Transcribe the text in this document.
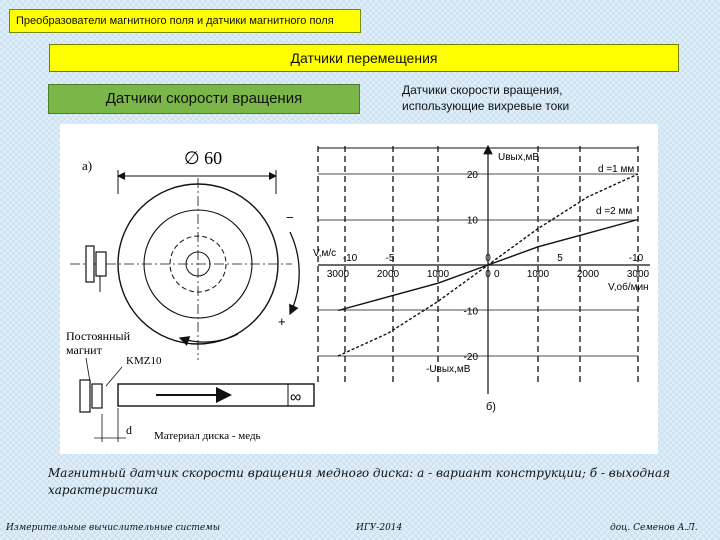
Преобразователи магнитного поля и датчики магнитного поля
Датчики перемещения
Датчики скорости вращения	Датчики скорости вращения,
использующие вихревые токи
а)	∅ 60
−
+
Постоянный
магнит
KMZ10
∞
d Материал диска - медь
3000	2000	1000	0	1000	2000	3000
-10	-5	0	5	-10
20
10
0
-10
-20
Uвых,мВ
-Uвых,мВ
V,м/с
V,об/мин
d =1 мм
d =2 мм
б)
Магнитный датчик скорости вращения медного диска: а - вариант конструкции; б - выходная характеристика
Измерительные вычислительные системы	ИГУ-2014	доц. Семенов А.Л.
